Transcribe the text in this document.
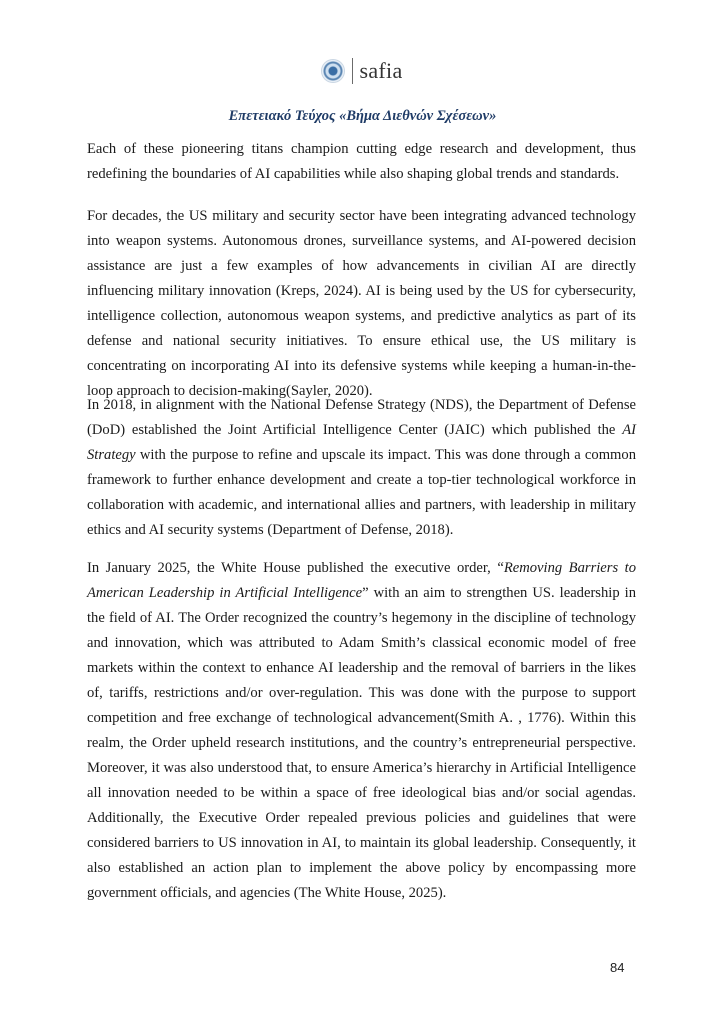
safia
Επετειακό Τεύχος «Βήμα Διεθνών Σχέσεων»

Each of these pioneering titans champion cutting edge research and development, thus redefining the boundaries of AI capabilities while also shaping global trends and standards.

For decades, the US military and security sector have been integrating advanced technology into weapon systems. Autonomous drones, surveillance systems, and AI-powered decision assistance are just a few examples of how advancements in civilian AI are directly influencing military innovation (Kreps, 2024). AI is being used by the US for cybersecurity, intelligence collection, autonomous weapon systems, and predictive analytics as part of its defense and national security initiatives. To ensure ethical use, the US military is concentrating on incorporating AI into its defensive systems while keeping a human-in-the-loop approach to decision-making(Sayler, 2020).

In 2018, in alignment with the National Defense Strategy (NDS), the Department of Defense (DoD) established the Joint Artificial Intelligence Center (JAIC) which published the AI Strategy with the purpose to refine and upscale its impact. This was done through a common framework to further enhance development and create a top-tier technological workforce in collaboration with academic, and international allies and partners, with leadership in military ethics and AI security systems (Department of Defense, 2018).

In January 2025, the White House published the executive order, “Removing Barriers to American Leadership in Artificial Intelligence” with an aim to strengthen US. leadership in the field of AI. The Order recognized the country’s hegemony in the discipline of technology and innovation, which was attributed to Adam Smith’s classical economic model of free markets within the context to enhance AI leadership and the removal of barriers in the likes of, tariffs, restrictions and/or over-regulation. This was done with the purpose to support competition and free exchange of technological advancement(Smith A. , 1776). Within this realm, the Order upheld research institutions, and the country’s entrepreneurial perspective. Moreover, it was also understood that, to ensure America’s hierarchy in Artificial Intelligence all innovation needed to be within a space of free ideological bias and/or social agendas. Additionally, the Executive Order repealed previous policies and guidelines that were considered barriers to US innovation in AI, to maintain its global leadership. Consequently, it also established an action plan to implement the above policy by encompassing more government officials, and agencies (The White House, 2025).

84
